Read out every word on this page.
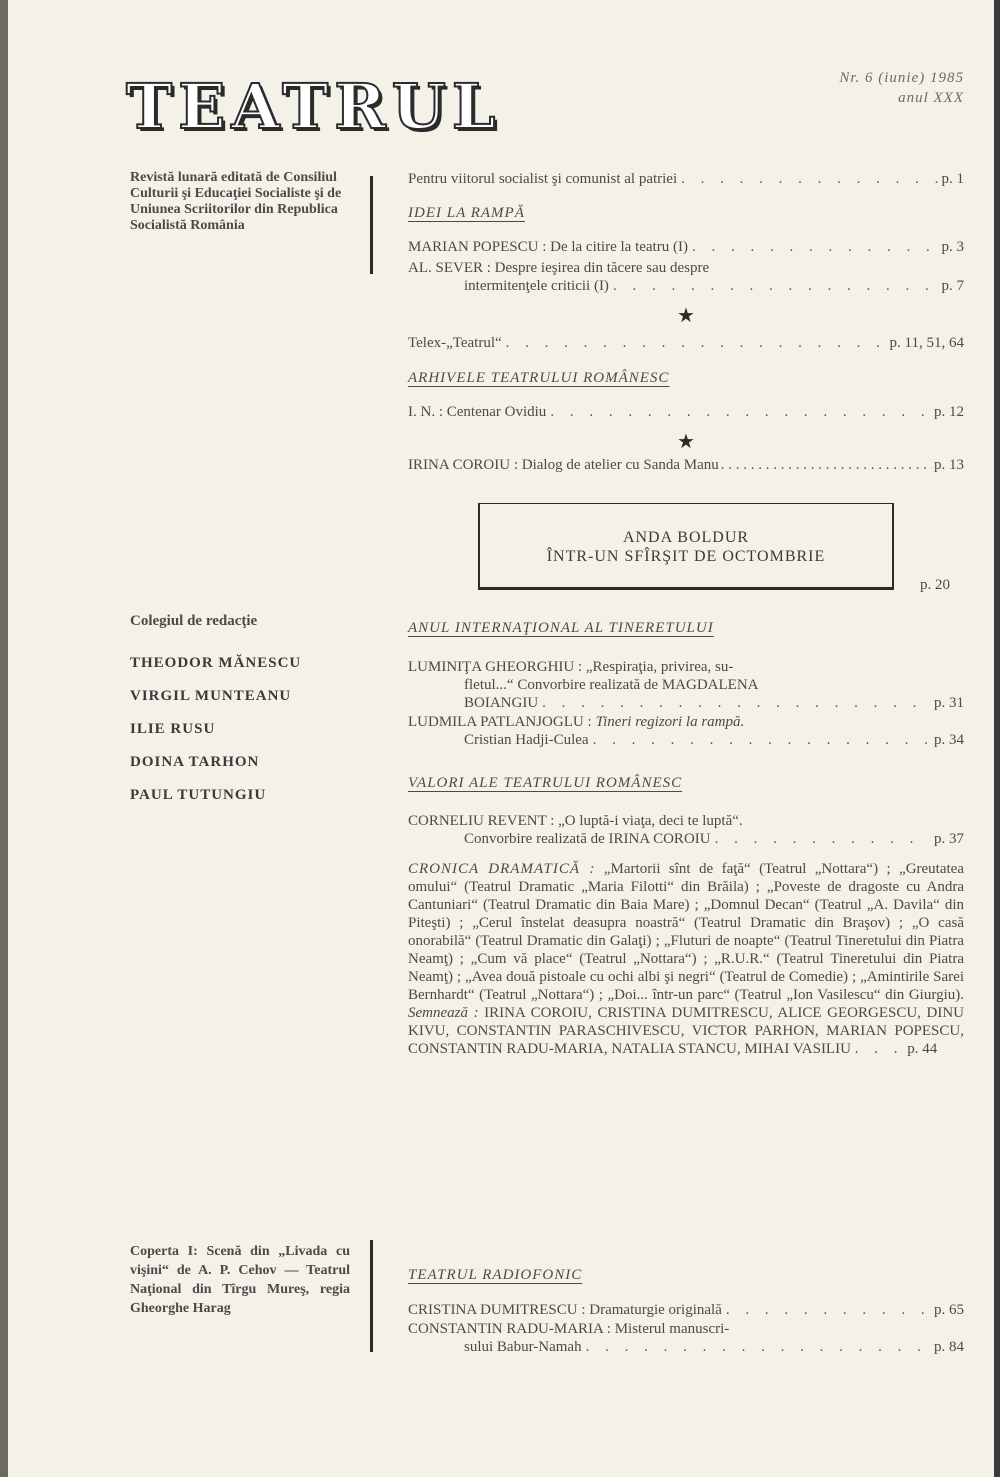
TEATRUL	Nr. 6 (iunie) 1985
anul XXX
Revistă lunară editată de Consiliul Culturii şi Educaţiei Socialiste şi de Uniunea Scriitorilor din Republica Socialistă România
Colegiul de redacţie
THEODOR MĂNESCU
VIRGIL MUNTEANU
ILIE RUSU
DOINA TARHON
PAUL TUTUNGIU
Coperta I: Scenă din „Livada cu vişini“ de A. P. Cehov — Teatrul Naţional din Tîrgu Mureş, regia Gheorghe Harag
Pentru viitorul socialist şi comunist al patriei . . .	p. 1
IDEI LA RAMPĂ
MARIAN POPESCU : De la citire la teatru (I) . . .	p. 3
AL. SEVER : Despre ieşirea din tăcere sau despre
intermitenţele criticii (I) . . .	p. 7
★
Telex-„Teatrul“ . . .	p. 11, 51, 64
ARHIVELE TEATRULUI ROMÂNESC
I. N. : Centenar Ovidiu . . .	p. 12
★
IRINA COROIU : Dialog de atelier cu Sanda Manu . . .	p. 13
ANDA BOLDUR
ÎNTR-UN SFÎRŞIT DE OCTOMBRIE
p. 20
ANUL INTERNAŢIONAL AL TINERETULUI
LUMINIŢA GHEORGHIU : „Respiraţia, privirea, su-
fletul...“ Convorbire realizată de MAGDALENA
BOIANGIU . . .	p. 31
LUDMILA PATLANJOGLU : Tineri regizori la rampă.
Cristian Hadji-Culea . . .	p. 34
VALORI ALE TEATRULUI ROMÂNESC
CORNELIU REVENT : „O luptă-i viaţa, deci te luptă“.
Convorbire realizată de IRINA COROIU . . .	p. 37
CRONICA DRAMATICĂ : „Martorii sînt de faţă“ (Teatrul „Nottara“) ; „Greutatea omului“ (Teatrul Dramatic „Maria Filotti“ din Brăila) ; „Poveste de dragoste cu Andra Cantuniari“ (Teatrul Dramatic din Baia Mare) ; „Domnul Decan“ (Teatrul „A. Davila“ din Piteşti) ; „Cerul înstelat deasupra noastră“ (Teatrul Dramatic din Braşov) ; „O casă onorabilă“ (Teatrul Dramatic din Galaţi) ; „Fluturi de noapte“ (Teatrul Tineretului din Piatra Neamţ) ; „Cum vă place“ (Teatrul „Nottara“) ; „R.U.R.“ (Teatrul Tineretului din Piatra Neamţ) ; „Avea două pistoale cu ochi albi şi negri“ (Teatrul de Comedie) ; „Amintirile Sarei Bernhardt“ (Teatrul „Nottara“) ; „Doi... într-un parc“ (Teatrul „Ion Vasilescu“ din Giurgiu). Semnează : IRINA COROIU, CRISTINA DUMITRESCU, ALICE GEORGESCU, DINU KIVU, CONSTANTIN PARASCHIVESCU, VICTOR PARHON, MARIAN POPESCU, CONSTANTIN RADU-MARIA, NATALIA STANCU, MIHAI VASILIU . . . p. 44
TEATRUL RADIOFONIC
CRISTINA DUMITRESCU : Dramaturgie originală . . .	p. 65
CONSTANTIN RADU-MARIA : Misterul manuscri-
sului Babur-Namah . . .	p. 84
